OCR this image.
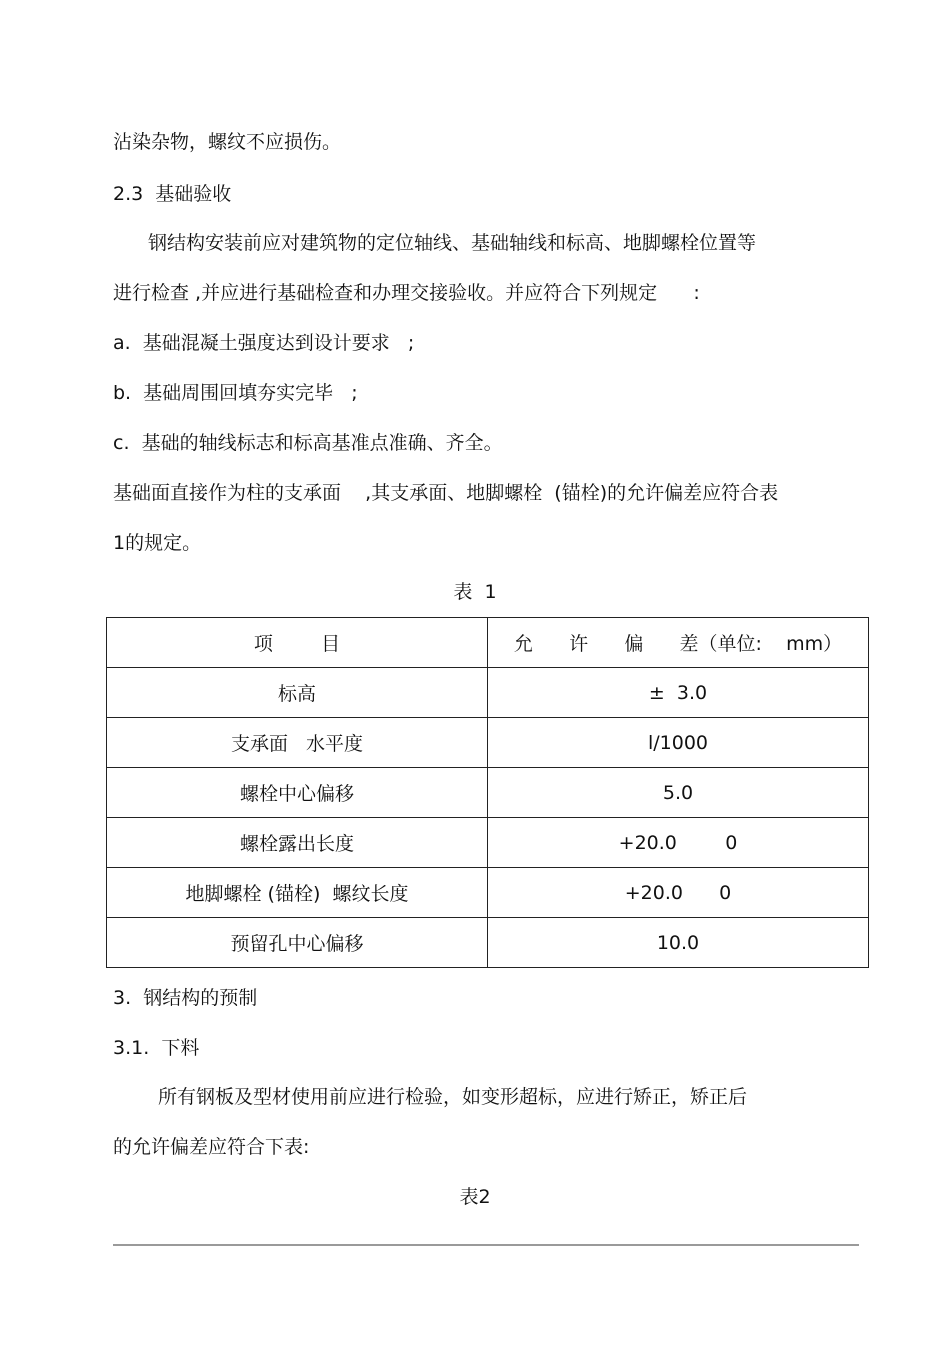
沾染杂物，螺纹不应损伤。
2.3  基础验收
钢结构安装前应对建筑物的定位轴线、基础轴线和标高、地脚螺栓位置等
进行检查 ,并应进行基础检查和办理交接验收。并应符合下列规定      :
a.  基础混凝土强度达到设计要求   ;
b.  基础周围回填夯实完毕   ;
c.  基础的轴线标志和标高基准点准确、齐全。
基础面直接作为柱的支承面    ,其支承面、地脚螺栓  (锚栓)的允许偏差应符合表
1的规定。
表  1
项        目	允      许      偏      差（单位:    mm）
标高	±  3.0
支承面   水平度	l/1000
螺栓中心偏移	5.0
螺栓露出长度	+20.0        0
地脚螺栓 (锚栓)  螺纹长度	+20.0      0
预留孔中心偏移	10.0
3.  钢结构的预制
3.1.  下料
所有钢板及型材使用前应进行检验，如变形超标，应进行矫正，矫正后
的允许偏差应符合下表:
表2
